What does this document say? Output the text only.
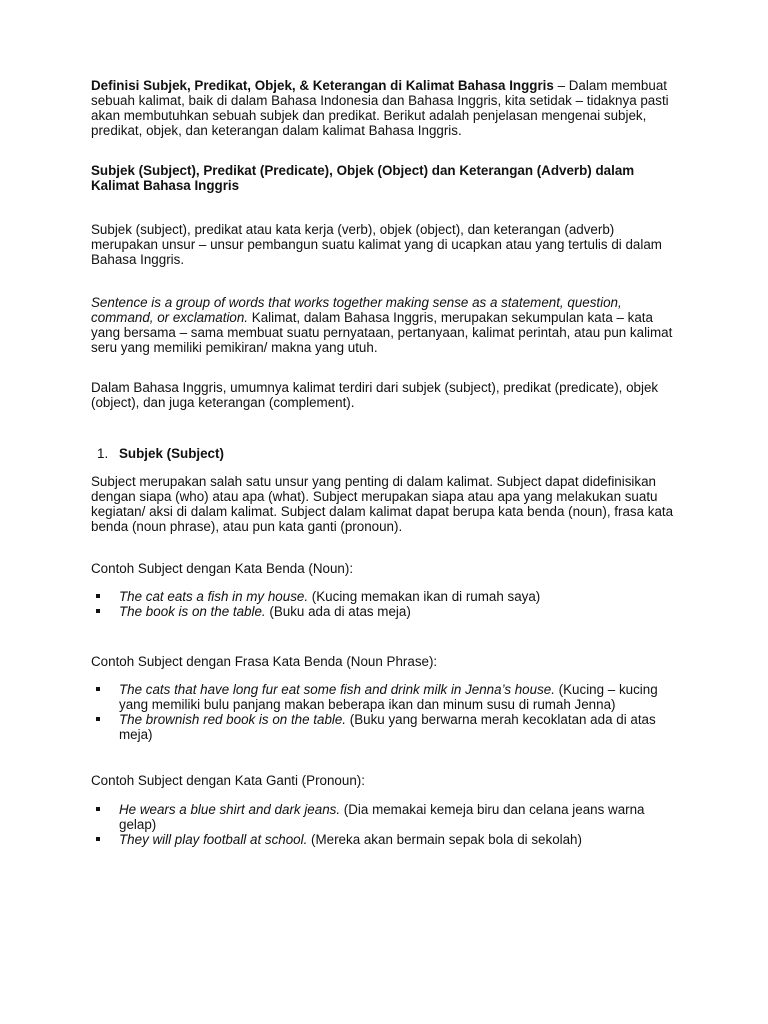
Definisi Subjek, Predikat, Objek, & Keterangan di Kalimat Bahasa Inggris – Dalam membuat sebuah kalimat, baik di dalam Bahasa Indonesia dan Bahasa Inggris, kita setidak – tidaknya pasti akan membutuhkan sebuah subjek dan predikat. Berikut adalah penjelasan mengenai subjek, predikat, objek, dan keterangan dalam kalimat Bahasa Inggris.

Subjek (Subject), Predikat (Predicate), Objek (Object) dan Keterangan (Adverb) dalam Kalimat Bahasa Inggris

Subjek (subject), predikat atau kata kerja (verb), objek (object), dan keterangan (adverb) merupakan unsur – unsur pembangun suatu kalimat yang di ucapkan atau yang tertulis di dalam Bahasa Inggris.

Sentence is a group of words that works together making sense as a statement, question, command, or exclamation. Kalimat, dalam Bahasa Inggris, merupakan sekumpulan kata – kata yang bersama – sama membuat suatu pernyataan, pertanyaan, kalimat perintah, atau pun kalimat seru yang memiliki pemikiran/ makna yang utuh.

Dalam Bahasa Inggris, umumnya kalimat terdiri dari subjek (subject), predikat (predicate), objek (object), dan juga keterangan (complement).

1. Subjek (Subject)

Subject merupakan salah satu unsur yang penting di dalam kalimat. Subject dapat didefinisikan dengan siapa (who) atau apa (what). Subject merupakan siapa atau apa yang melakukan suatu kegiatan/ aksi di dalam kalimat. Subject dalam kalimat dapat berupa kata benda (noun), frasa kata benda (noun phrase), atau pun kata ganti (pronoun).

Contoh Subject dengan Kata Benda (Noun):

The cat eats a fish in my house. (Kucing memakan ikan di rumah saya)
The book is on the table. (Buku ada di atas meja)

Contoh Subject dengan Frasa Kata Benda (Noun Phrase):

The cats that have long fur eat some fish and drink milk in Jenna’s house. (Kucing – kucing yang memiliki bulu panjang makan beberapa ikan dan minum susu di rumah Jenna)
The brownish red book is on the table. (Buku yang berwarna merah kecoklatan ada di atas meja)

Contoh Subject dengan Kata Ganti (Pronoun):

He wears a blue shirt and dark jeans. (Dia memakai kemeja biru dan celana jeans warna gelap)
They will play football at school. (Mereka akan bermain sepak bola di sekolah)
